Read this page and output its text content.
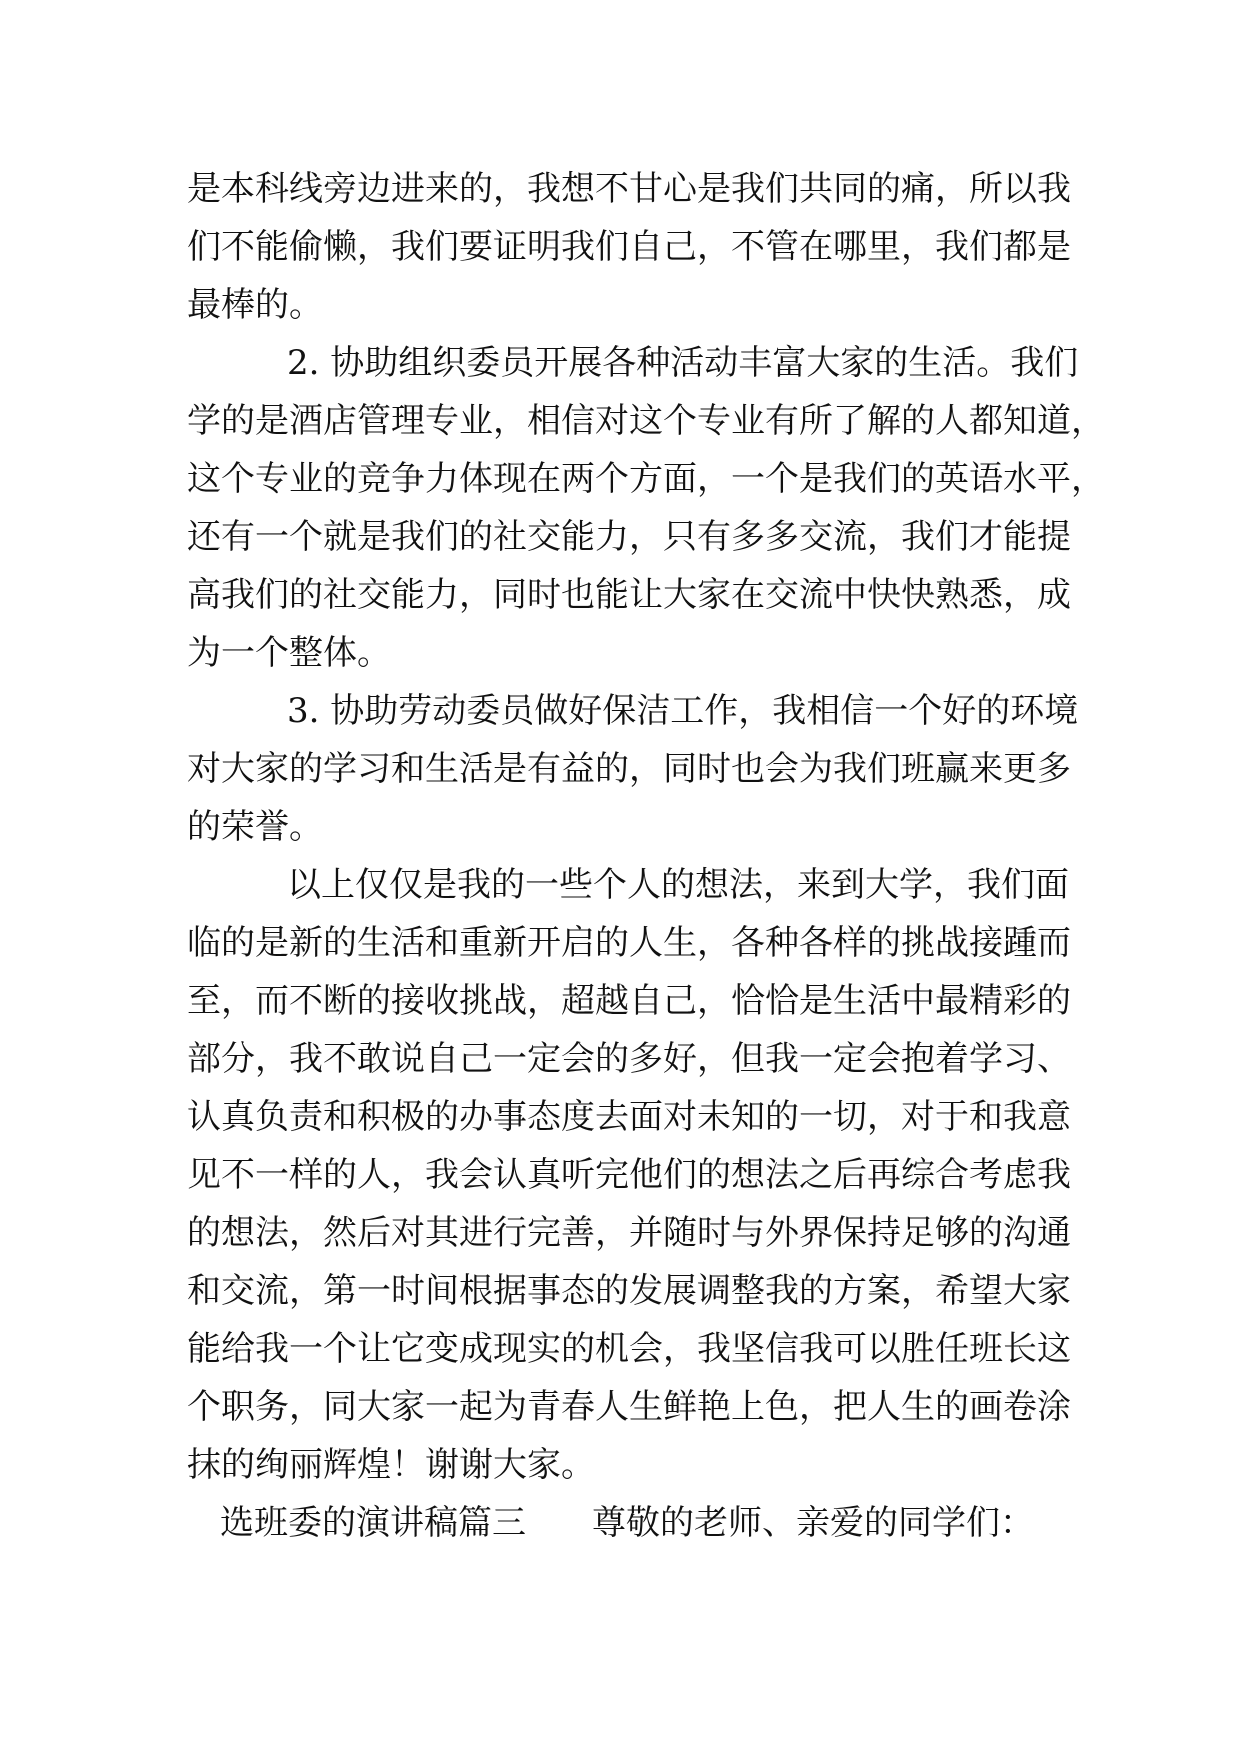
是本科线旁边进来的，我想不甘心是我们共同的痛，所以我
们不能偷懒，我们要证明我们自己，不管在哪里，我们都是
最棒的。
2. 协助组织委员开展各种活动丰富大家的生活。我们
学的是酒店管理专业，相信对这个专业有所了解的人都知道，
这个专业的竞争力体现在两个方面，一个是我们的英语水平，
还有一个就是我们的社交能力，只有多多交流，我们才能提
高我们的社交能力，同时也能让大家在交流中快快熟悉，成
为一个整体。
3. 协助劳动委员做好保洁工作，我相信一个好的环境
对大家的学习和生活是有益的，同时也会为我们班赢来更多
的荣誉。
以上仅仅是我的一些个人的想法，来到大学，我们面
临的是新的生活和重新开启的人生，各种各样的挑战接踵而
至，而不断的接收挑战，超越自己，恰恰是生活中最精彩的
部分，我不敢说自己一定会的多好，但我一定会抱着学习、
认真负责和积极的办事态度去面对未知的一切，对于和我意
见不一样的人，我会认真听完他们的想法之后再综合考虑我
的想法，然后对其进行完善，并随时与外界保持足够的沟通
和交流，第一时间根据事态的发展调整我的方案，希望大家
能给我一个让它变成现实的机会，我坚信我可以胜任班长这
个职务，同大家一起为青春人生鲜艳上色，把人生的画卷涂
抹的绚丽辉煌！谢谢大家。
选班委的演讲稿篇三 尊敬的老师、亲爱的同学们：
